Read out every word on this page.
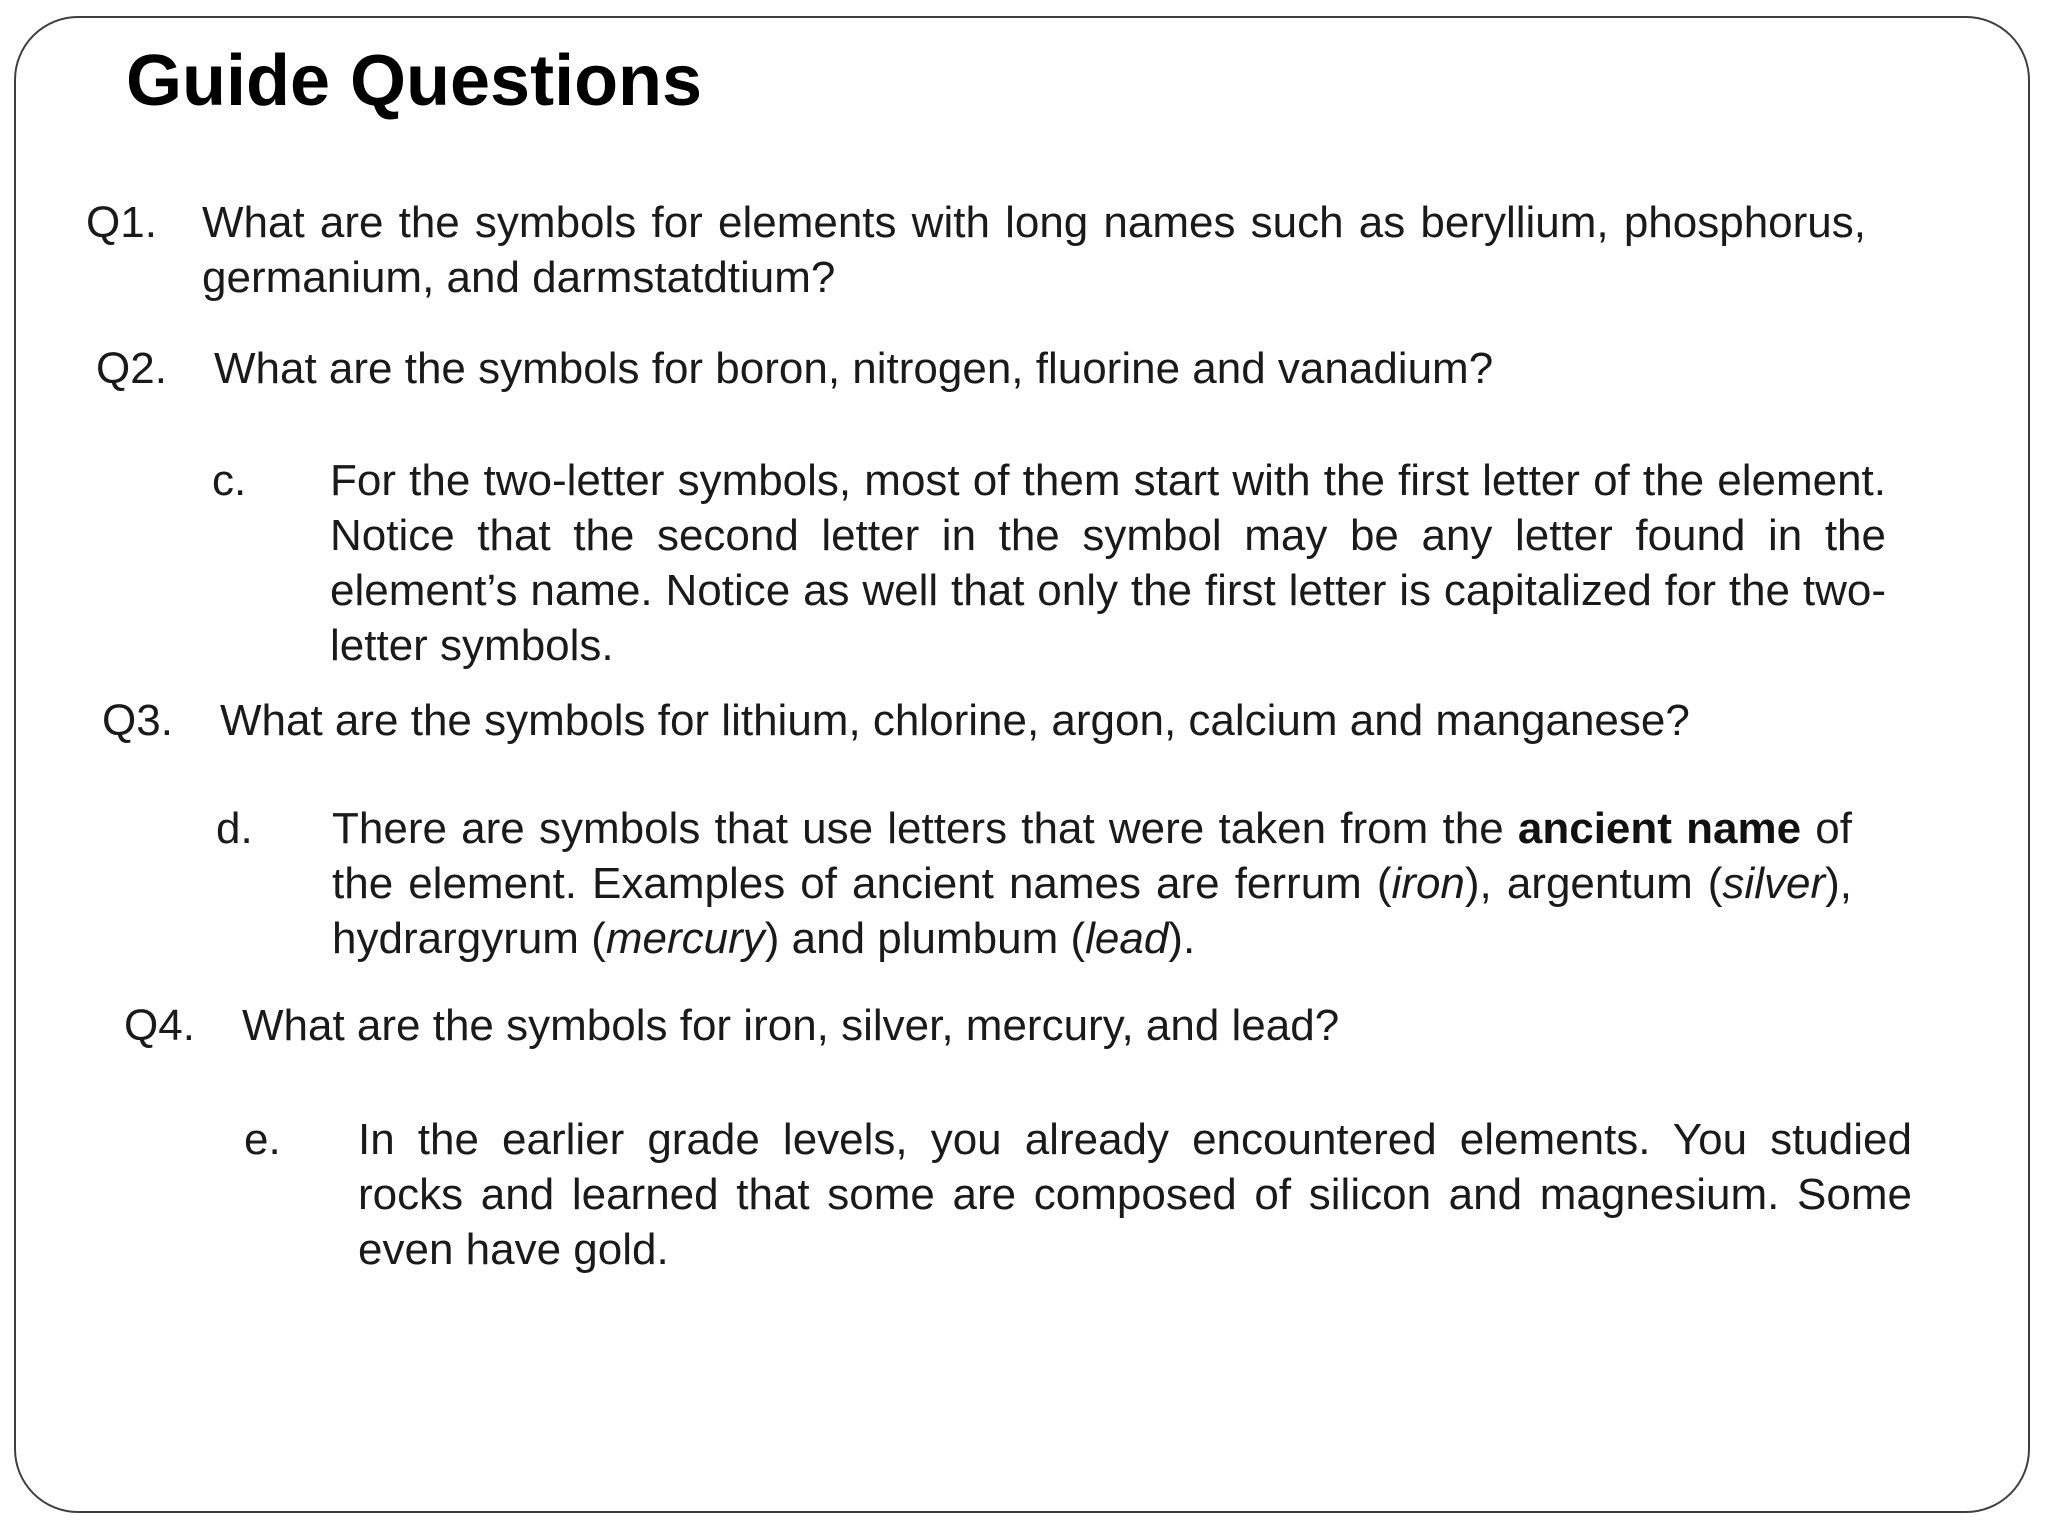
Guide Questions
Q1. What are the symbols for elements with long names such as beryllium, phosphorus, germanium, and darmstatdtium?
Q2. What are the symbols for boron, nitrogen, fluorine and vanadium?
c. For the two-letter symbols, most of them start with the first letter of the element. Notice that the second letter in the symbol may be any letter found in the element’s name. Notice as well that only the first letter is capitalized for the two-letter symbols.
Q3. What are the symbols for lithium, chlorine, argon, calcium and manganese?
d. There are symbols that use letters that were taken from the ancient name of the element. Examples of ancient names are ferrum (iron), argentum (silver), hydrargyrum (mercury) and plumbum (lead).
Q4. What are the symbols for iron, silver, mercury, and lead?
e. In the earlier grade levels, you already encountered elements. You studied rocks and learned that some are composed of silicon and magnesium. Some even have gold.
